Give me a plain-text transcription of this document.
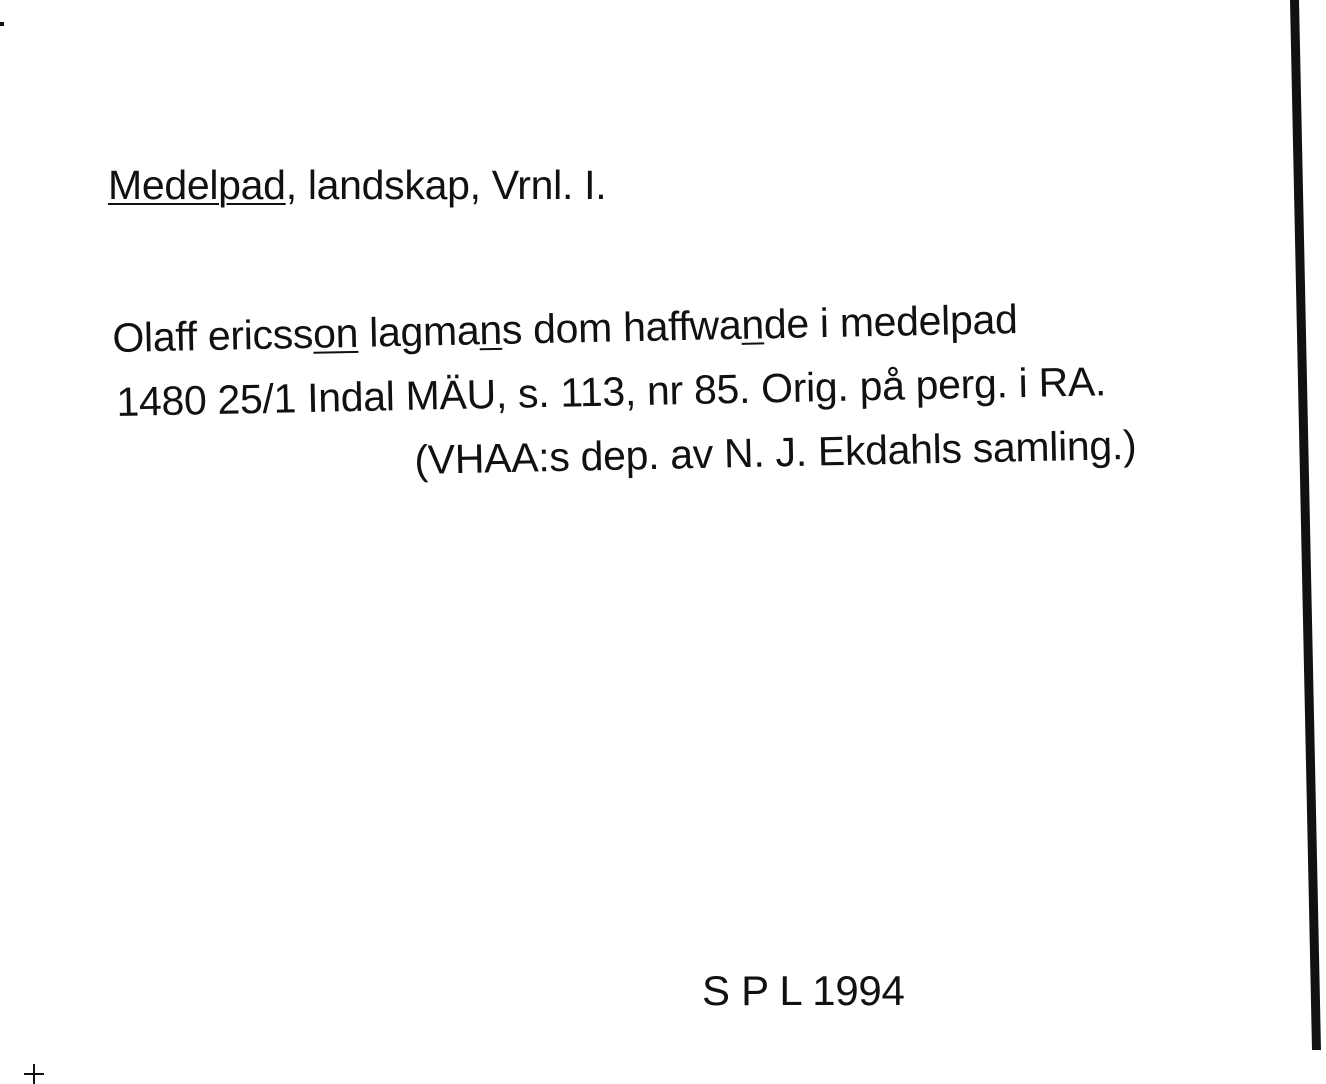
Medelpad, landskap, Vrnl. I.
Olaff ericsson lagmans dom haffwande i medelpad
1480 25/1 Indal MÄU, s. 113, nr 85. Orig. på perg. i RA.
(VHAA:s dep. av N. J. Ekdahls samling.)
S P L 1994
